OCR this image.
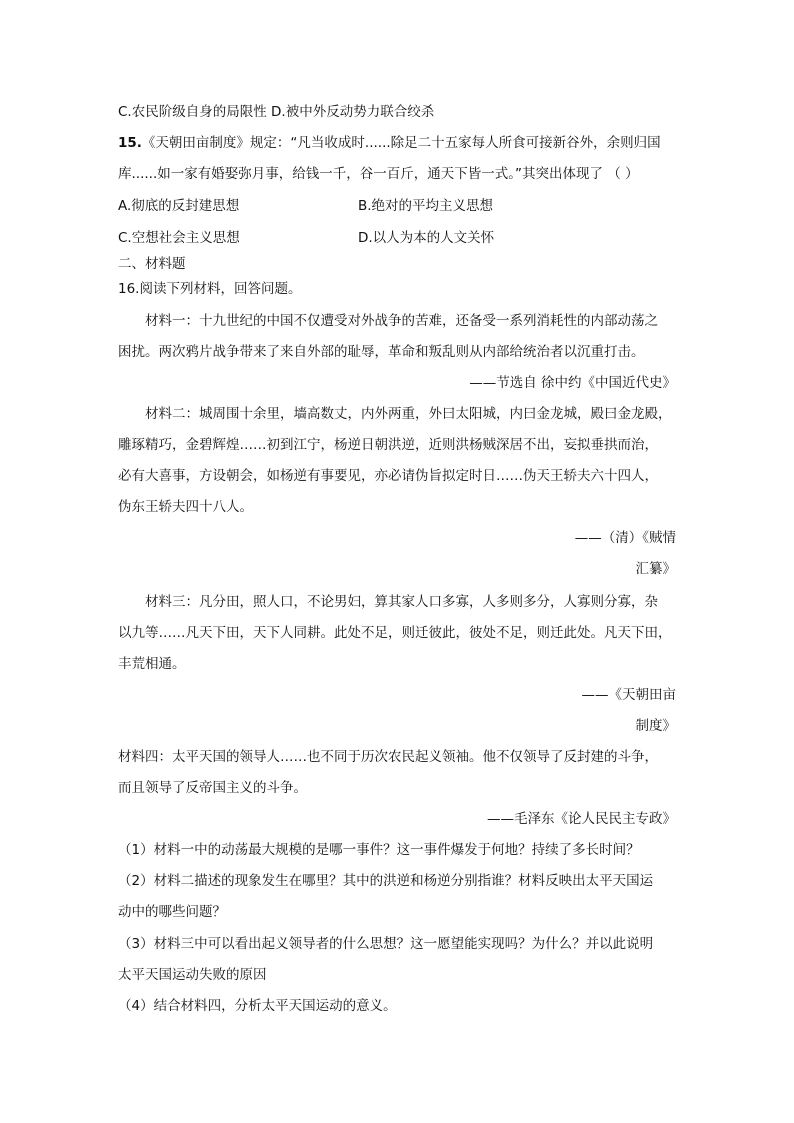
C.农民阶级自身的局限性 D.被中外反动势力联合绞杀
15.《天朝田亩制度》规定：“凡当收成时......除足二十五家每人所食可接新谷外，余则归国
库......如一家有婚娶弥月事，给钱一千，谷一百斤，通天下皆一式。”其突出体现了 （ ）
A.彻底的反封建思想	B.绝对的平均主义思想
C.空想社会主义思想	D.以人为本的人文关怀
二、材料题
16.阅读下列材料，回答问题。
材料一：十九世纪的中国不仅遭受对外战争的苦难，还备受一系列消耗性的内部动荡之
困扰。两次鸦片战争带来了来自外部的耻辱，革命和叛乱则从内部给统治者以沉重打击。
——节选自 徐中约《中国近代史》
材料二：城周围十余里，墙高数丈，内外两重，外曰太阳城，内曰金龙城，殿曰金龙殿，
雕琢精巧，金碧辉煌……初到江宁，杨逆日朝洪逆，近则洪杨贼深居不出，妄拟垂拱而治，
必有大喜事，方设朝会，如杨逆有事要见，亦必请伪旨拟定时日……伪天王轿夫六十四人，
伪东王轿夫四十八人。
——（清）《贼情
汇纂》
材料三：凡分田，照人口，不论男妇，算其家人口多寡，人多则多分，人寡则分寡，杂
以九等……凡天下田，天下人同耕。此处不足，则迁彼此，彼处不足，则迁此处。凡天下田，
丰荒相通。
——《天朝田亩
制度》
材料四：太平天国的领导人……也不同于历次农民起义领袖。他不仅领导了反封建的斗争，
而且领导了反帝国主义的斗争。
——毛泽东《论人民民主专政》
（1）材料一中的动荡最大规模的是哪一事件？这一事件爆发于何地？持续了多长时间？
（2）材料二描述的现象发生在哪里？其中的洪逆和杨逆分别指谁？材料反映出太平天国运
动中的哪些问题？
（3）材料三中可以看出起义领导者的什么思想？这一愿望能实现吗？为什么？并以此说明
太平天国运动失败的原因
（4）结合材料四，分析太平天国运动的意义。
